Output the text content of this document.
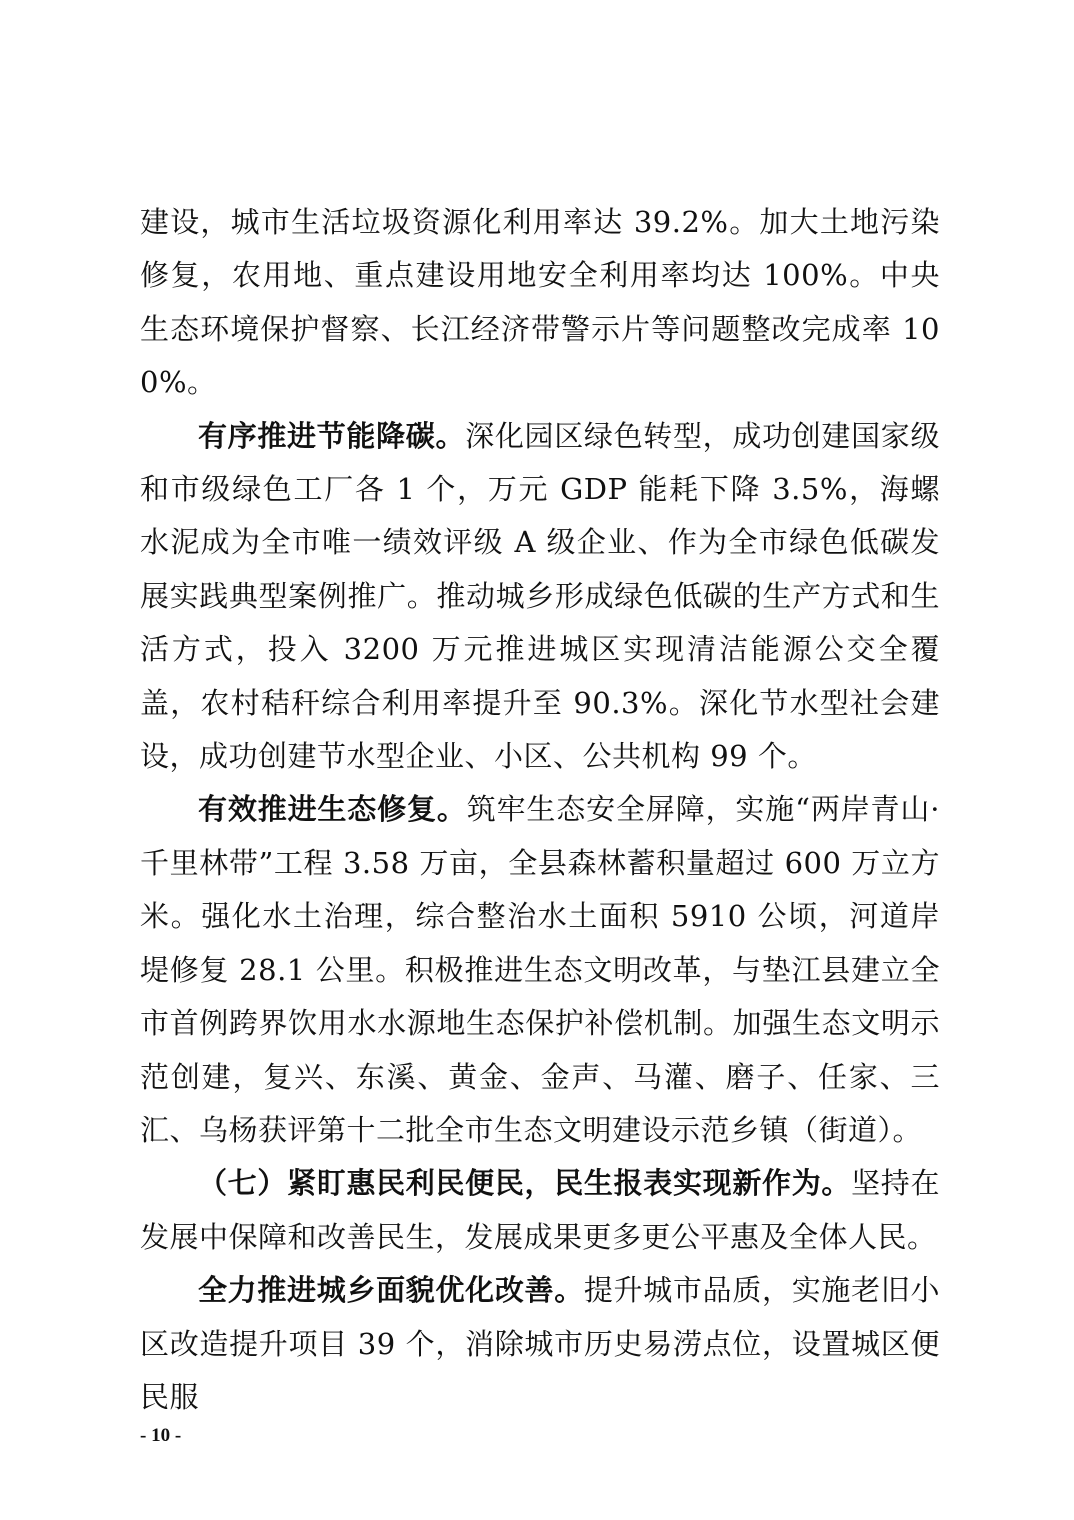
建设，城市生活垃圾资源化利用率达 39.2%。加大土地污染修复，农用地、重点建设用地安全利用率均达 100%。中央生态环境保护督察、长江经济带警示片等问题整改完成率 100%。

有序推进节能降碳。深化园区绿色转型，成功创建国家级和市级绿色工厂各 1 个，万元 GDP 能耗下降 3.5%，海螺水泥成为全市唯一绩效评级 A 级企业、作为全市绿色低碳发展实践典型案例推广。推动城乡形成绿色低碳的生产方式和生活方式，投入 3200 万元推进城区实现清洁能源公交全覆盖，农村秸秆综合利用率提升至 90.3%。深化节水型社会建设，成功创建节水型企业、小区、公共机构 99 个。

有效推进生态修复。筑牢生态安全屏障，实施“两岸青山·千里林带”工程 3.58 万亩，全县森林蓄积量超过 600 万立方米。强化水土治理，综合整治水土面积 5910 公顷，河道岸堤修复 28.1 公里。积极推进生态文明改革，与垫江县建立全市首例跨界饮用水水源地生态保护补偿机制。加强生态文明示范创建，复兴、东溪、黄金、金声、马灌、磨子、任家、三汇、乌杨获评第十二批全市生态文明建设示范乡镇（街道）。

（七）紧盯惠民利民便民，民生报表实现新作为。坚持在发展中保障和改善民生，发展成果更多更公平惠及全体人民。

全力推进城乡面貌优化改善。提升城市品质，实施老旧小区改造提升项目 39 个，消除城市历史易涝点位，设置城区便民服

- 10 -
